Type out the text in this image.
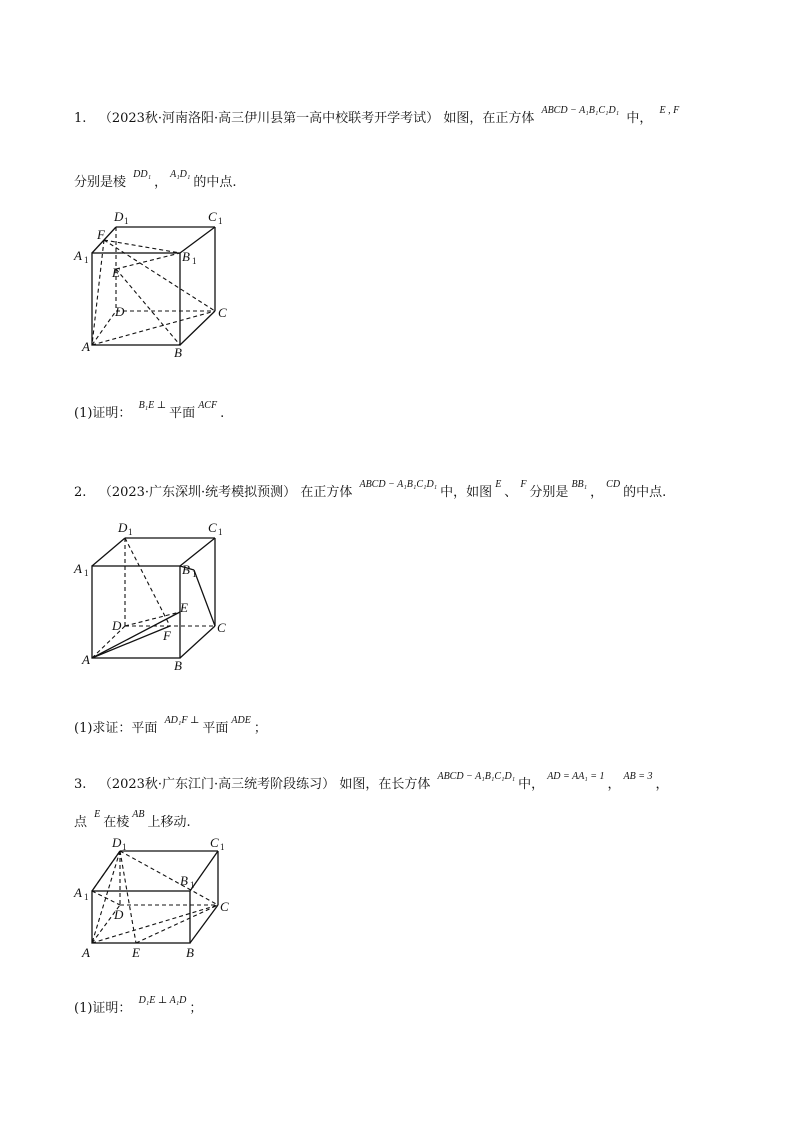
1. （2023秋·河南洛阳·高三伊川县第一高中校联考开学考试） 如图，在正方体 $^{ABCD - A_1B_1C_1D_1}$ 中， $^{E , F}$
分别是棱 $^{DD_1}$，$^{A_1D_1}$的中点.
A	B
C
D
A 1	B 1
C 1
D 1
E
F
(1)证明： $^{B_1E \perp}$平面$^{ACF}$.
2. （2023·广东深圳·统考模拟预测） 在正方体 $^{ABCD - A_1B_1C_1D_1}$中，如图$^E$、$^F$分别是$^{BB_1}$，$^{CD}$的中点.
A	B
C
D
A 1	B 1
C 1
D 1
E
F
(1)求证：平面 $^{AD_1F \perp}$平面$^{ADE}$；
3. （2023秋·广东江门·高三统考阶段练习） 如图，在长方体 $^{ABCD - A_1B_1C_1D_1}$中，$^{AD = AA_1 = 1}$，$^{AB = 3}$，
点 $^E$在棱$^{AB}$上移动.
A	B
C
D
E
A 1
B 1
C 1
D 1
(1)证明： $^{D_1E \perp A_1D}$；
